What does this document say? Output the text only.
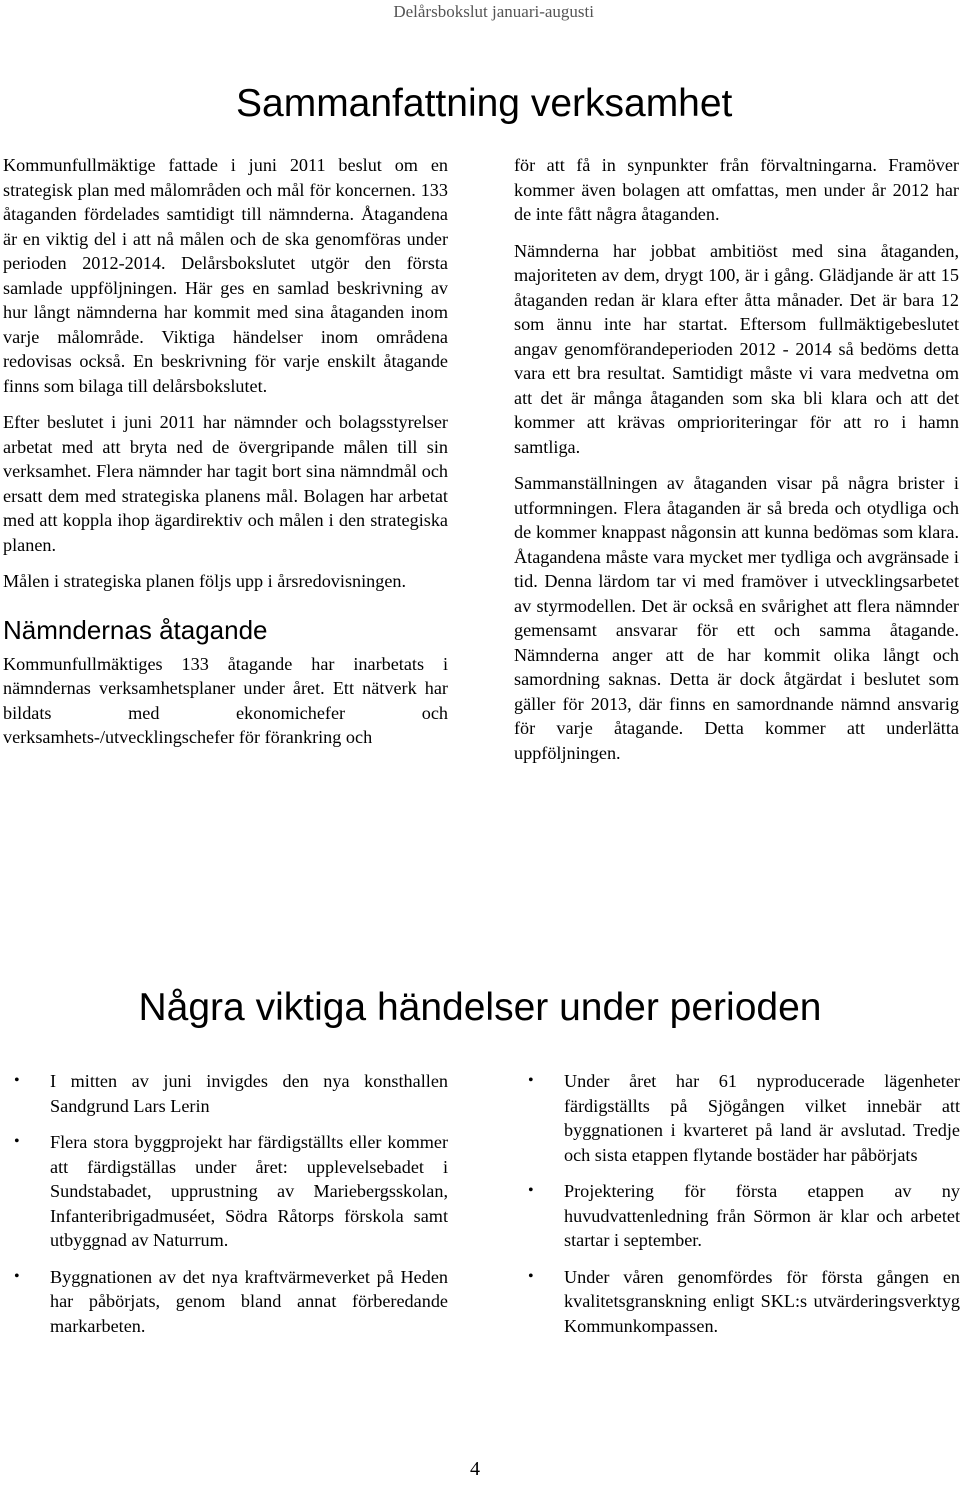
Delårsbokslut januari-augusti
Sammanfattning verksamhet

Kommunfullmäktige fattade i juni 2011 beslut om en strategisk plan med målområden och mål för koncernen. 133 åtaganden fördelades samtidigt till nämnderna. Åtagandena är en viktig del i att nå målen och de ska genomföras under perioden 2012-2014. Delårsbokslutet utgör den första samlade uppföljningen. Här ges en samlad beskrivning av hur långt nämnderna har kommit med sina åtaganden inom varje målområde. Viktiga händelser inom områdena redovisas också. En beskrivning för varje enskilt åtagande finns som bilaga till delårsbokslutet.

Efter beslutet i juni 2011 har nämnder och bolagsstyrelser arbetat med att bryta ned de övergripande målen till sin verksamhet. Flera nämnder har tagit bort sina nämndmål och ersatt dem med strategiska planens mål. Bolagen har arbetat med att koppla ihop ägardirektiv och målen i den strategiska planen.

Målen i strategiska planen följs upp i årsredovisningen.

Nämndernas åtagande

Kommunfullmäktiges 133 åtagande har inarbetats i nämndernas verksamhetsplaner under året. Ett nätverk har bildats med ekonomichefer och verksamhets-/utvecklingschefer för förankring och

för att få in synpunkter från förvaltningarna. Framöver kommer även bolagen att omfattas, men under år 2012 har de inte fått några åtaganden.

Nämnderna har jobbat ambitiöst med sina åtaganden, majoriteten av dem, drygt 100, är i gång. Glädjande är att 15 åtaganden redan är klara efter åtta månader. Det är bara 12 som ännu inte har startat. Eftersom fullmäktigebeslutet angav genomförandeperioden 2012 - 2014 så bedöms detta vara ett bra resultat. Samtidigt måste vi vara medvetna om att det är många åtaganden som ska bli klara och att det kommer att krävas omprioriteringar för att ro i hamn samtliga.

Sammanställningen av åtaganden visar på några brister i utformningen. Flera åtaganden är så breda och otydliga och de kommer knappast någonsin att kunna bedömas som klara. Åtagandena måste vara mycket mer tydliga och avgränsade i tid. Denna lärdom tar vi med framöver i utvecklingsarbetet av styrmodellen. Det är också en svårighet att flera nämnder gemensamt ansvarar för ett och samma åtagande. Nämnderna anger att de har kommit olika långt och samordning saknas. Detta är dock åtgärdat i beslutet som gäller för 2013, där finns en samordnande nämnd ansvarig för varje åtagande. Detta kommer att underlätta uppföljningen.

Några viktiga händelser under perioden
• I mitten av juni invigdes den nya konsthallen Sandgrund Lars Lerin
• Flera stora byggprojekt har färdigställts eller kommer att färdigställas under året: upplevelsebadet i Sundstabadet, upprustning av Mariebergsskolan, Infanteribrigadmuséet, Södra Råtorps förskola samt utbyggnad av Naturrum.
• Byggnationen av det nya kraftvärmeverket på Heden har påbörjats, genom bland annat förberedande markarbeten.
• Under året har 61 nyproducerade lägenheter färdigställts på Sjögången vilket innebär att byggnationen i kvarteret på land är avslutad. Tredje och sista etappen flytande bostäder har påbörjats
• Projektering för första etappen av ny huvudvattenledning från Sörmon är klar och arbetet startar i september.
• Under våren genomfördes för första gången en kvalitetsgranskning enligt SKL:s utvärderingsverktyg Kommunkompassen.
4
